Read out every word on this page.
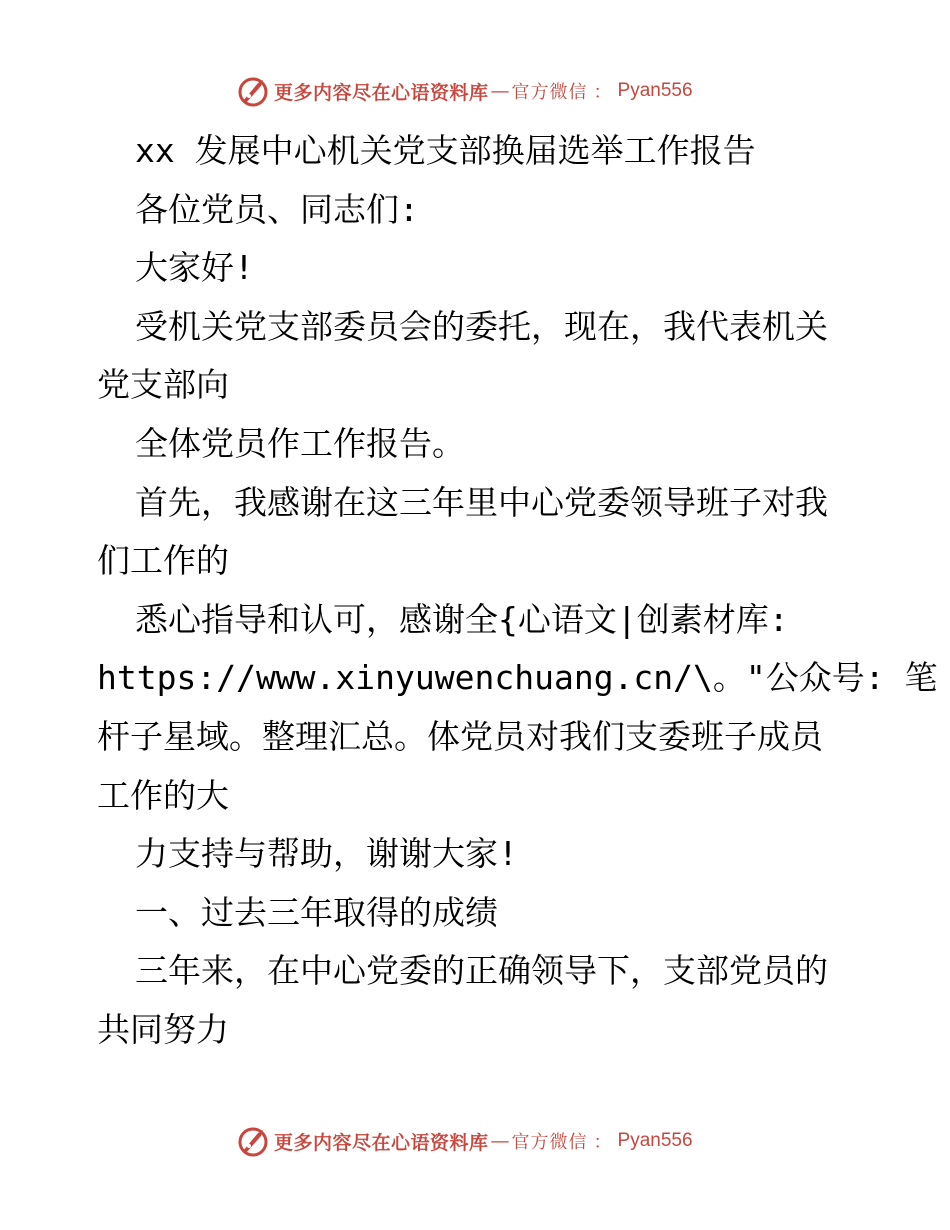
更多内容尽在心语资料库 — 官方微信 ： Pyan556
xx 发展中心机关党支部换届选举工作报告
各位党员、同志们:
大家好!
受机关党支部委员会的委托，现在，我代表机关
党支部向
全体党员作工作报告。
首先，我感谢在这三年里中心党委领导班子对我
们工作的
悉心指导和认可，感谢全{心语文|创素材库:
https://www.xinyuwenchuang.cn/\。"公众号: 笔
杆子星域。整理汇总。体党员对我们支委班子成员
工作的大
力支持与帮助，谢谢大家!
一、过去三年取得的成绩
三年来，在中心党委的正确领导下，支部党员的
共同努力
更多内容尽在心语资料库 — 官方微信 ： Pyan556
